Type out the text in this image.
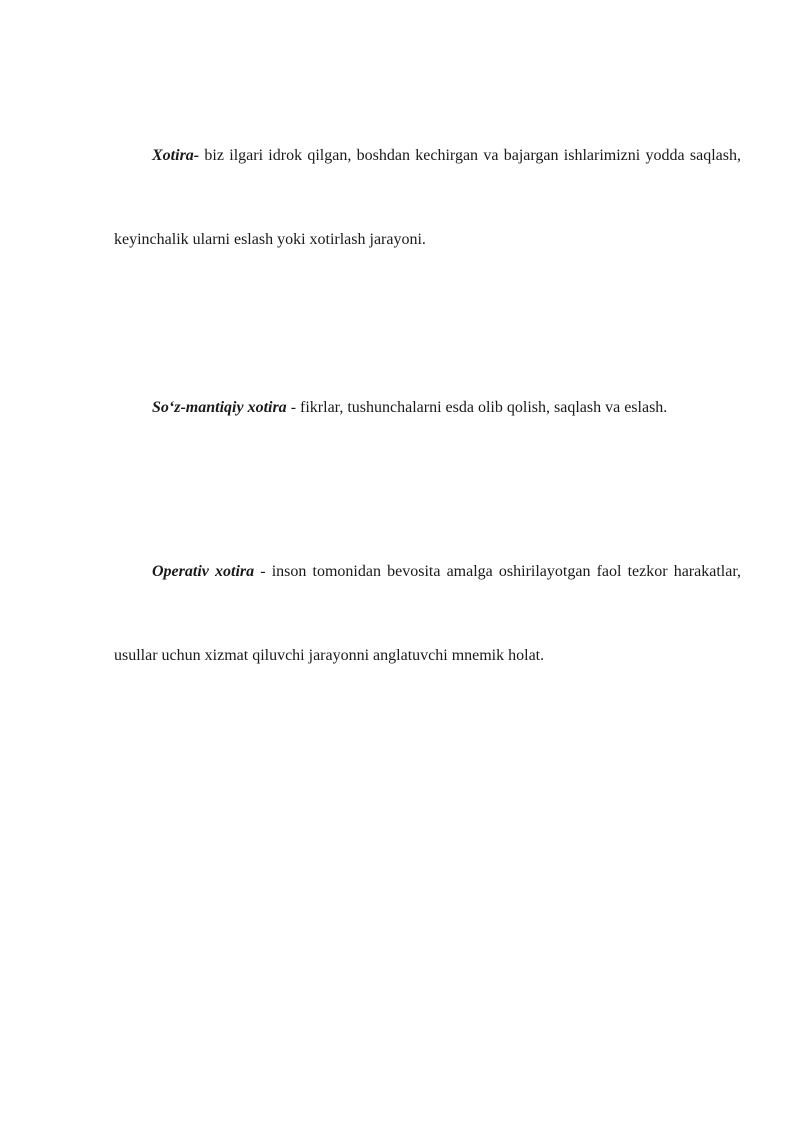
Xotira- biz ilgari idrok qilgan, boshdan kechirgan va bajargan ishlarimizni yodda saqlash, keyinchalik ularni eslash yoki xotirlash jarayoni.

So‘z-mantiqiy xotira - fikrlar, tushunchalarni esda olib qolish, saqlash va eslash.

Operativ xotira - inson tomonidan bevosita amalga oshirilayotgan faol tezkor harakatlar, usullar uchun xizmat qiluvchi jarayonni anglatuvchi mnemik holat.
